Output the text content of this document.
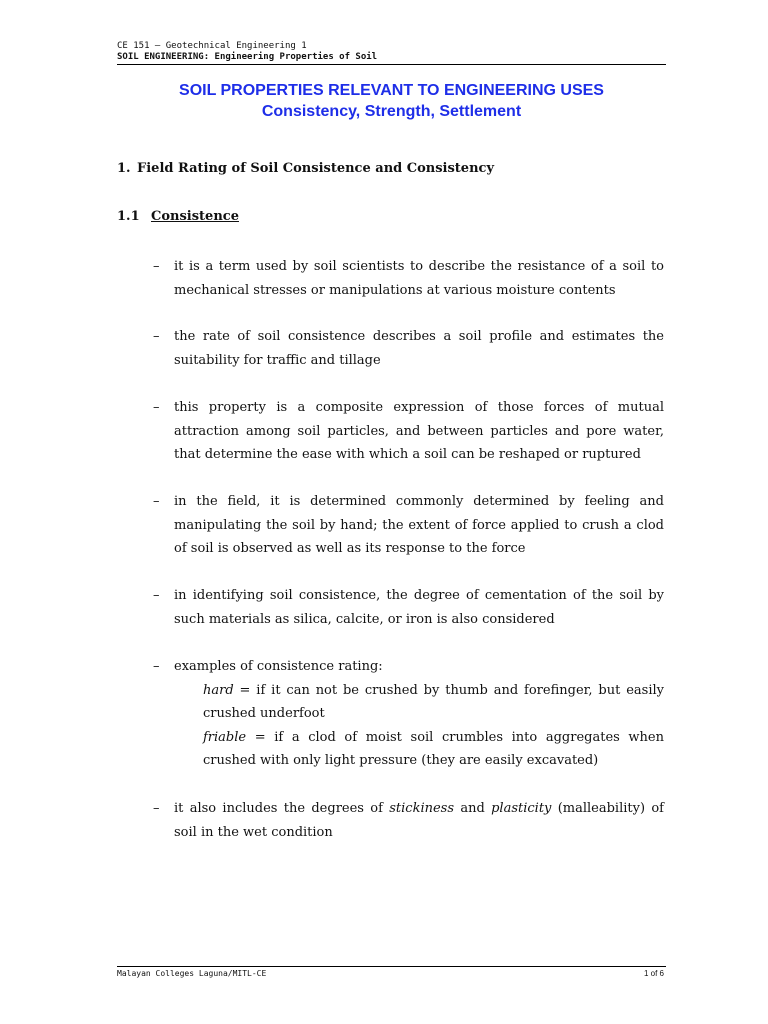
CE 151 – Geotechnical Engineering 1
SOIL ENGINEERING: Engineering Properties of Soil
SOIL PROPERTIES RELEVANT TO ENGINEERING USES
Consistency, Strength, Settlement
1. Field Rating of Soil Consistence and Consistency
1.1 Consistence
–	it is a term used by soil scientists to describe the resistance of a soil to mechanical stresses or manipulations at various moisture contents
–	the rate of soil consistence describes a soil profile and estimates the suitability for traffic and tillage
–	this property is a composite expression of those forces of mutual attraction among soil particles, and between particles and pore water, that determine the ease with which a soil can be reshaped or ruptured
–	in the field, it is determined commonly determined by feeling and manipulating the soil by hand; the extent of force applied to crush a clod of soil is observed as well as its response to the force
–	in identifying soil consistence, the degree of cementation of the soil by such materials as silica, calcite, or iron is also considered
–	examples of consistence rating:
hard = if it can not be crushed by thumb and forefinger, but easily crushed underfoot
friable = if a clod of moist soil crumbles into aggregates when crushed with only light pressure (they are easily excavated)
–	it also includes the degrees of stickiness and plasticity (malleability) of soil in the wet condition
Malayan Colleges Laguna/MITL-CE	1 of 6
